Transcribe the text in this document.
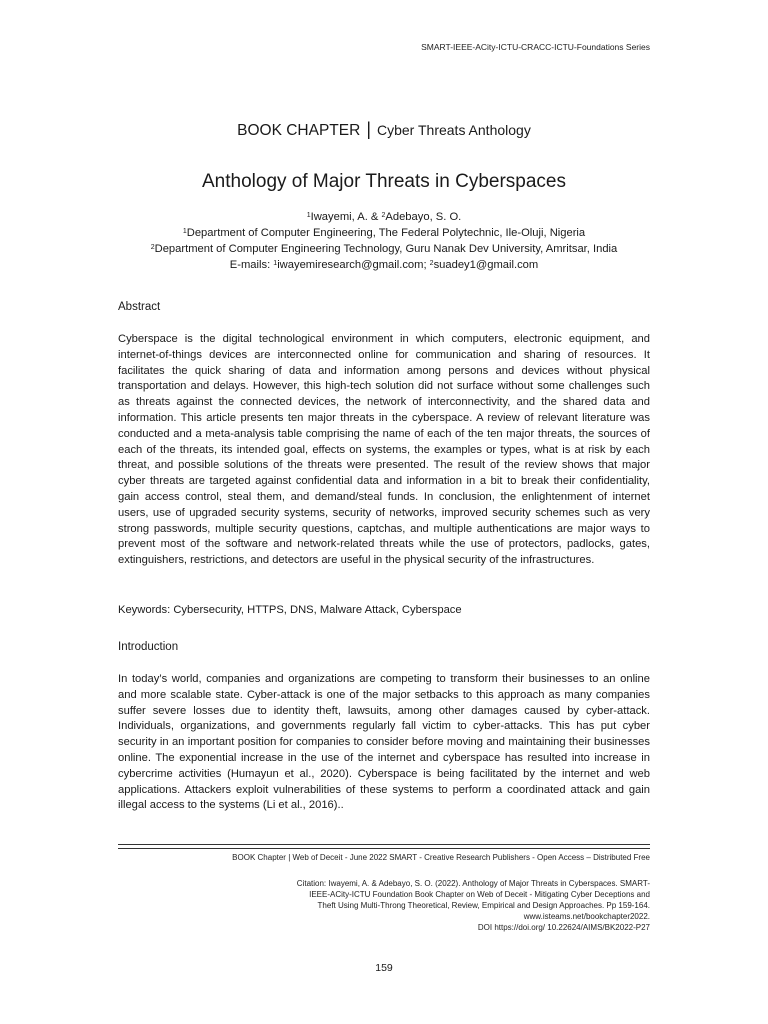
SMART-IEEE-ACity-ICTU-CRACC-ICTU-Foundations Series
BOOK CHAPTER | Cyber Threats Anthology
Anthology of Major Threats in Cyberspaces
$^1$Iwayemi, A. & $^2$Adebayo, S. O.
$^1$Department of Computer Engineering, The Federal Polytechnic, Ile-Oluji, Nigeria
$^2$Department of Computer Engineering Technology, Guru Nanak Dev University, Amritsar, India
E-mails: $^1$iwayemiresearch@gmail.com; $^2$suadey1@gmail.com
Abstract

Cyberspace is the digital technological environment in which computers, electronic equipment, and internet-of-things devices are interconnected online for communication and sharing of resources. It facilitates the quick sharing of data and information among persons and devices without physical transportation and delays. However, this high-tech solution did not surface without some challenges such as threats against the connected devices, the network of interconnectivity, and the shared data and information. This article presents ten major threats in the cyberspace. A review of relevant literature was conducted and a meta-analysis table comprising the name of each of the ten major threats, the sources of each of the threats, its intended goal, effects on systems, the examples or types, what is at risk by each threat, and possible solutions of the threats were presented. The result of the review shows that major cyber threats are targeted against confidential data and information in a bit to break their confidentiality, gain access control, steal them, and demand/steal funds. In conclusion, the enlightenment of internet users, use of upgraded security systems, security of networks, improved security schemes such as very strong passwords, multiple security questions, captchas, and multiple authentications are major ways to prevent most of the software and network-related threats while the use of protectors, padlocks, gates, extinguishers, restrictions, and detectors are useful in the physical security of the infrastructures.

Keywords: Cybersecurity, HTTPS, DNS, Malware Attack, Cyberspace

Introduction

In today’s world, companies and organizations are competing to transform their businesses to an online and more scalable state. Cyber-attack is one of the major setbacks to this approach as many companies suffer severe losses due to identity theft, lawsuits, among other damages caused by cyber-attack. Individuals, organizations, and governments regularly fall victim to cyber-attacks. This has put cyber security in an important position for companies to consider before moving and maintaining their businesses online. The exponential increase in the use of the internet and cyberspace has resulted into increase in cybercrime activities (Humayun et al., 2020). Cyberspace is being facilitated by the internet and web applications. Attackers exploit vulnerabilities of these systems to perform a coordinated attack and gain illegal access to the systems (Li et al., 2016)..

BOOK Chapter | Web of Deceit - June 2022 SMART - Creative Research Publishers - Open Access – Distributed Free
Citation: Iwayemi, A. & Adebayo, S. O. (2022). Anthology of Major Threats in Cyberspaces. SMART-IEEE-ACity-ICTU Foundation Book Chapter on Web of Deceit - Mitigating Cyber Deceptions and Theft Using Multi-Throng Theoretical, Review, Empirical and Design Approaches. Pp 159-164. www.isteams.net/bookchapter2022.
DOI https://doi.org/ 10.22624/AIMS/BK2022-P27
159
